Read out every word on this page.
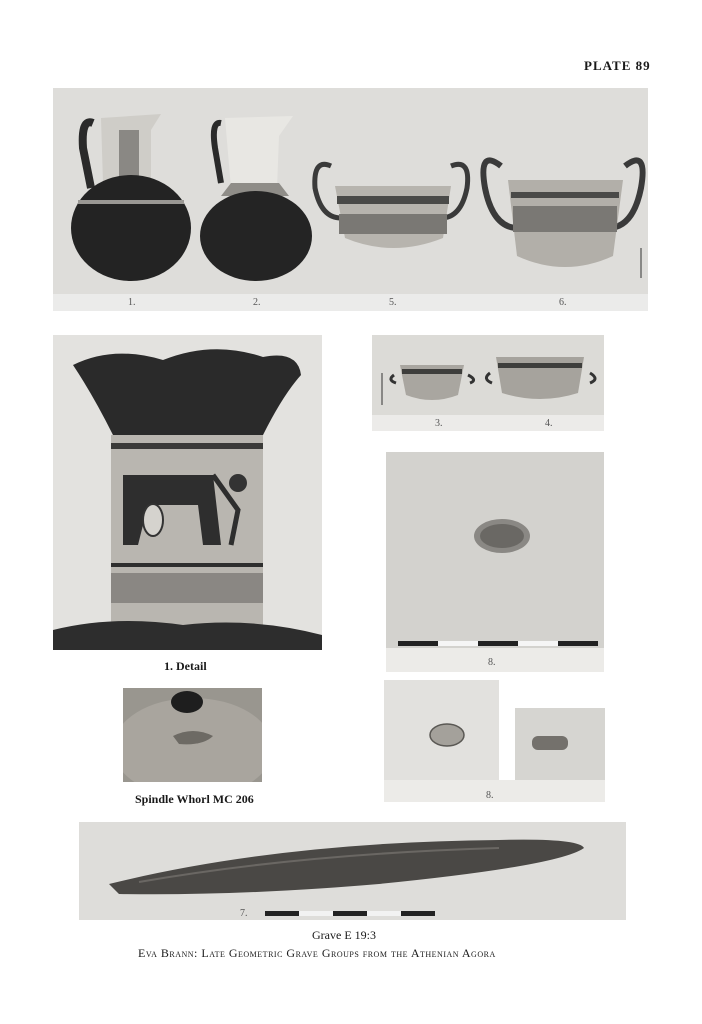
PLATE 89
1.	2.	5.	6.
1. Detail
3.	4.
8.
Spindle Whorl MC 206	8.
7.
Grave E 19:3
Eva Brann: Late Geometric Grave Groups from the Athenian Agora
